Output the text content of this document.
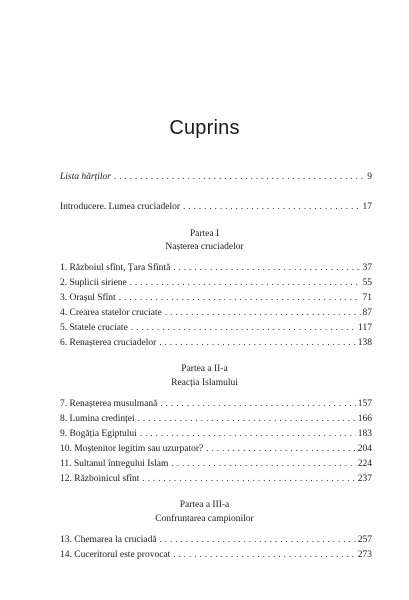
Cuprins
Lista hărților . . .	9
Introducere. Lumea cruciadelor . . .	17
Partea I
Nașterea cruciadelor
1. Războiul sfînt, Țara Sfîntă . . .	37
2. Suplicii siriene . . .	55
3. Orașul Sfînt . . .	71
4. Crearea statelor cruciate . . .	87
5. Statele cruciate . . .	117
6. Renașterea cruciadelor . . .	138
Partea a II-a
Reacția Islamului
7. Renașterea musulmană . . .	157
8. Lumina credinței . . .	166
9. Bogăția Egiptului . . .	183
10. Moștenitor legitim sau uzurpator? . . .	204
11. Sultanul întregului Islam . . .	224
12. Războinicul sfînt . . .	237
Partea a III-a
Confruntarea campionilor
13. Chemarea la cruciadă . . .	257
14. Cuceritorul este provocat . . .	273
